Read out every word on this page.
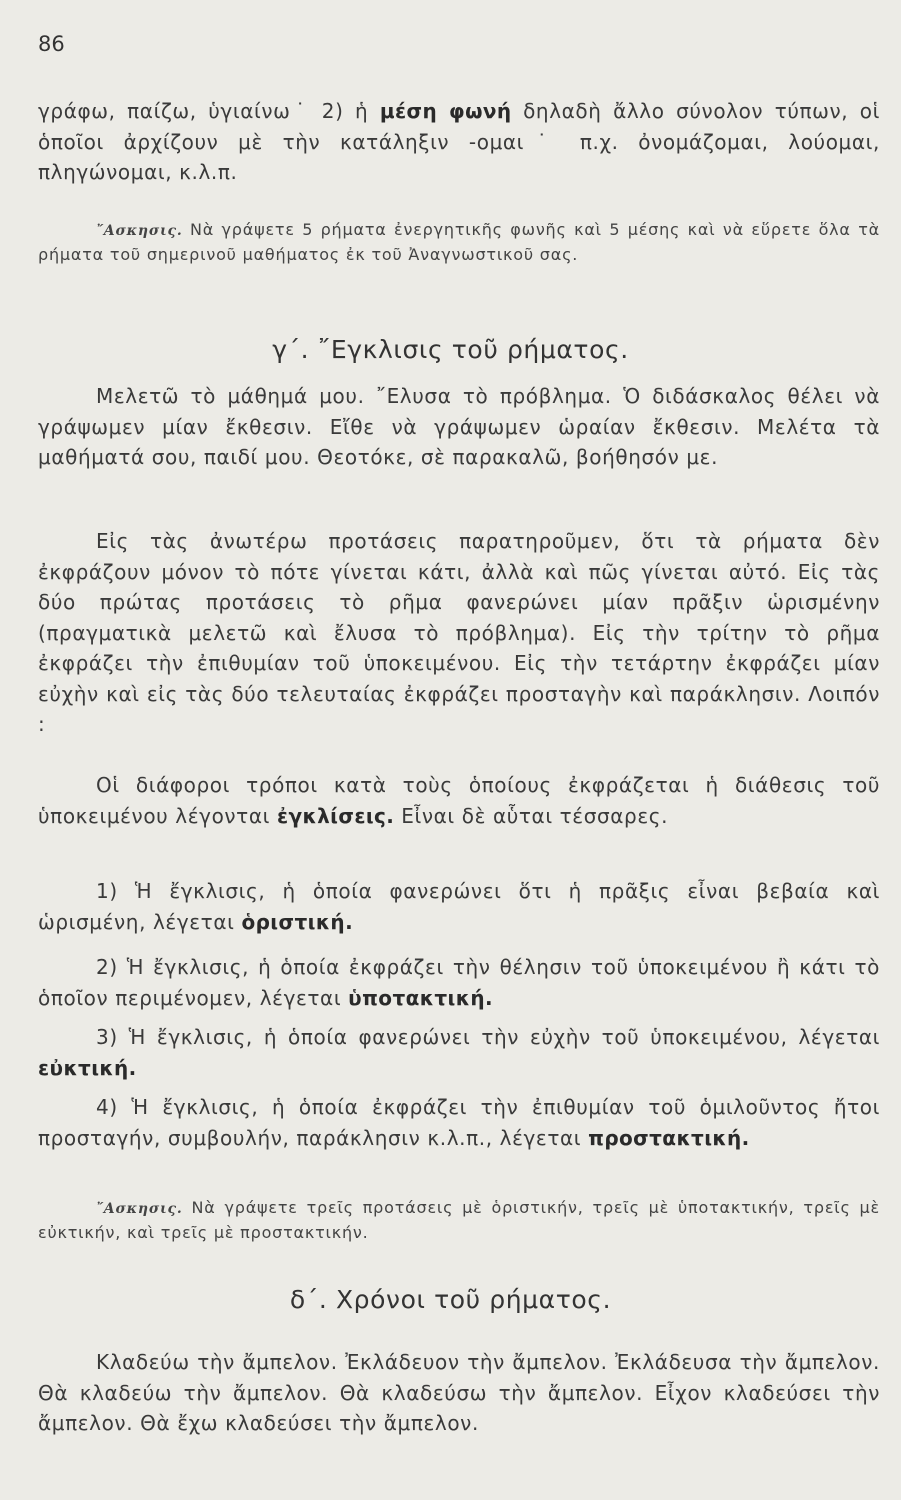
86

γράφω, παίζω, ὑγιαίνω˙ 2) ἡ μέση φωνή δηλαδὴ ἄλλο σύνολον τύπων, οἱ ὁποῖοι ἀρχίζουν μὲ τὴν κατάληξιν -ομαι˙ π.χ. ὀνομάζομαι, λούομαι, πληγώνομαι, κ.λ.π.

῎Ασκησις. Νὰ γράψετε 5 ρήματα ἐνεργητικῆς φωνῆς καὶ 5 μέσης καὶ νὰ εὕρετε ὅλα τὰ ρήματα τοῦ σημερινοῦ μαθήματος ἐκ τοῦ Ἀναγνωστικοῦ σας.

γ΄. ῎Εγκλισις τοῦ ρήματος.

Μελετῶ τὸ μάθημά μου. ῎Ελυσα τὸ πρόβλημα. Ὁ διδάσκαλος θέλει νὰ γράψωμεν μίαν ἔκθεσιν. Εἴθε νὰ γράψωμεν ὡραίαν ἔκθεσιν. Μελέτα τὰ μαθήματά σου, παιδί μου. Θεοτόκε, σὲ παρακαλῶ, βοήθησόν με.

Εἰς τὰς ἀνωτέρω προτάσεις παρατηροῦμεν, ὅτι τὰ ρήματα δὲν ἐκφράζουν μόνον τὸ πότε γίνεται κάτι, ἀλλὰ καὶ πῶς γίνεται αὐτό. Εἰς τὰς δύο πρώτας προτάσεις τὸ ρῆμα φανερώνει μίαν πρᾶξιν ὡρισμένην (πραγματικὰ μελετῶ καὶ ἔλυσα τὸ πρόβλημα). Εἰς τὴν τρίτην τὸ ρῆμα ἐκφράζει τὴν ἐπιθυμίαν τοῦ ὑποκειμένου. Εἰς τὴν τετάρτην ἐκφράζει μίαν εὐχὴν καὶ εἰς τὰς δύο τελευταίας ἐκφράζει προσταγὴν καὶ παράκλησιν. Λοιπόν :

Οἱ διάφοροι τρόποι κατὰ τοὺς ὁποίους ἐκφράζεται ἡ διάθεσις τοῦ ὑποκειμένου λέγονται ἐγκλίσεις. Εἶναι δὲ αὗται τέσσαρες.

1) Ἡ ἔγκλισις, ἡ ὁποία φανερώνει ὅτι ἡ πρᾶξις εἶναι βεβαία καὶ ὡρισμένη, λέγεται ὁριστική.

2) Ἡ ἔγκλισις, ἡ ὁποία ἐκφράζει τὴν θέλησιν τοῦ ὑποκειμένου ἢ κάτι τὸ ὁποῖον περιμένομεν, λέγεται ὑποτακτική.

3) Ἡ ἔγκλισις, ἡ ὁποία φανερώνει τὴν εὐχὴν τοῦ ὑποκειμένου, λέγεται εὐκτική.

4) Ἡ ἔγκλισις, ἡ ὁποία ἐκφράζει τὴν ἐπιθυμίαν τοῦ ὁμιλοῦντος ἤτοι προσταγήν, συμβουλήν, παράκλησιν κ.λ.π., λέγεται προστακτική.

῎Ασκησις. Νὰ γράψετε τρεῖς προτάσεις μὲ ὁριστικήν, τρεῖς μὲ ὑποτακτικήν, τρεῖς μὲ εὐκτικήν, καὶ τρεῖς μὲ προστακτικήν.

δ΄. Χρόνοι τοῦ ρήματος.

Κλαδεύω τὴν ἄμπελον. Ἐκλάδευον τὴν ἄμπελον. Ἐκλάδευσα τὴν ἄμπελον. Θὰ κλαδεύω τὴν ἄμπελον. Θὰ κλαδεύσω τὴν ἄμπελον. Εἶχον κλαδεύσει τὴν ἄμπελον. Θὰ ἔχω κλαδεύσει τὴν ἄμπελον.
